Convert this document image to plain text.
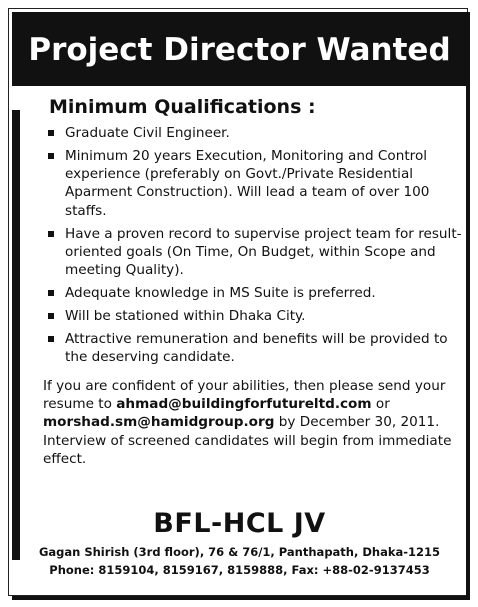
Project Director Wanted
Minimum Qualifications :
Graduate Civil Engineer.
Minimum 20 years Execution, Monitoring and Control experience (preferably on Govt./Private Residential Aparment Construction). Will lead a team of over 100 staffs.
Have a proven record to supervise project team for result-oriented goals (On Time, On Budget, within Scope and meeting Quality).
Adequate knowledge in MS Suite is preferred.
Will be stationed within Dhaka City.
Attractive remuneration and benefits will be provided to the deserving candidate.
If you are confident of your abilities, then please send your resume to ahmad@buildingforfutureltd.com or morshad.sm@hamidgroup.org by December 30, 2011. Interview of screened candidates will begin from immediate effect.
BFL-HCL JV
Gagan Shirish (3rd floor), 76 & 76/1, Panthapath, Dhaka-1215
Phone: 8159104, 8159167, 8159888, Fax: +88-02-9137453
